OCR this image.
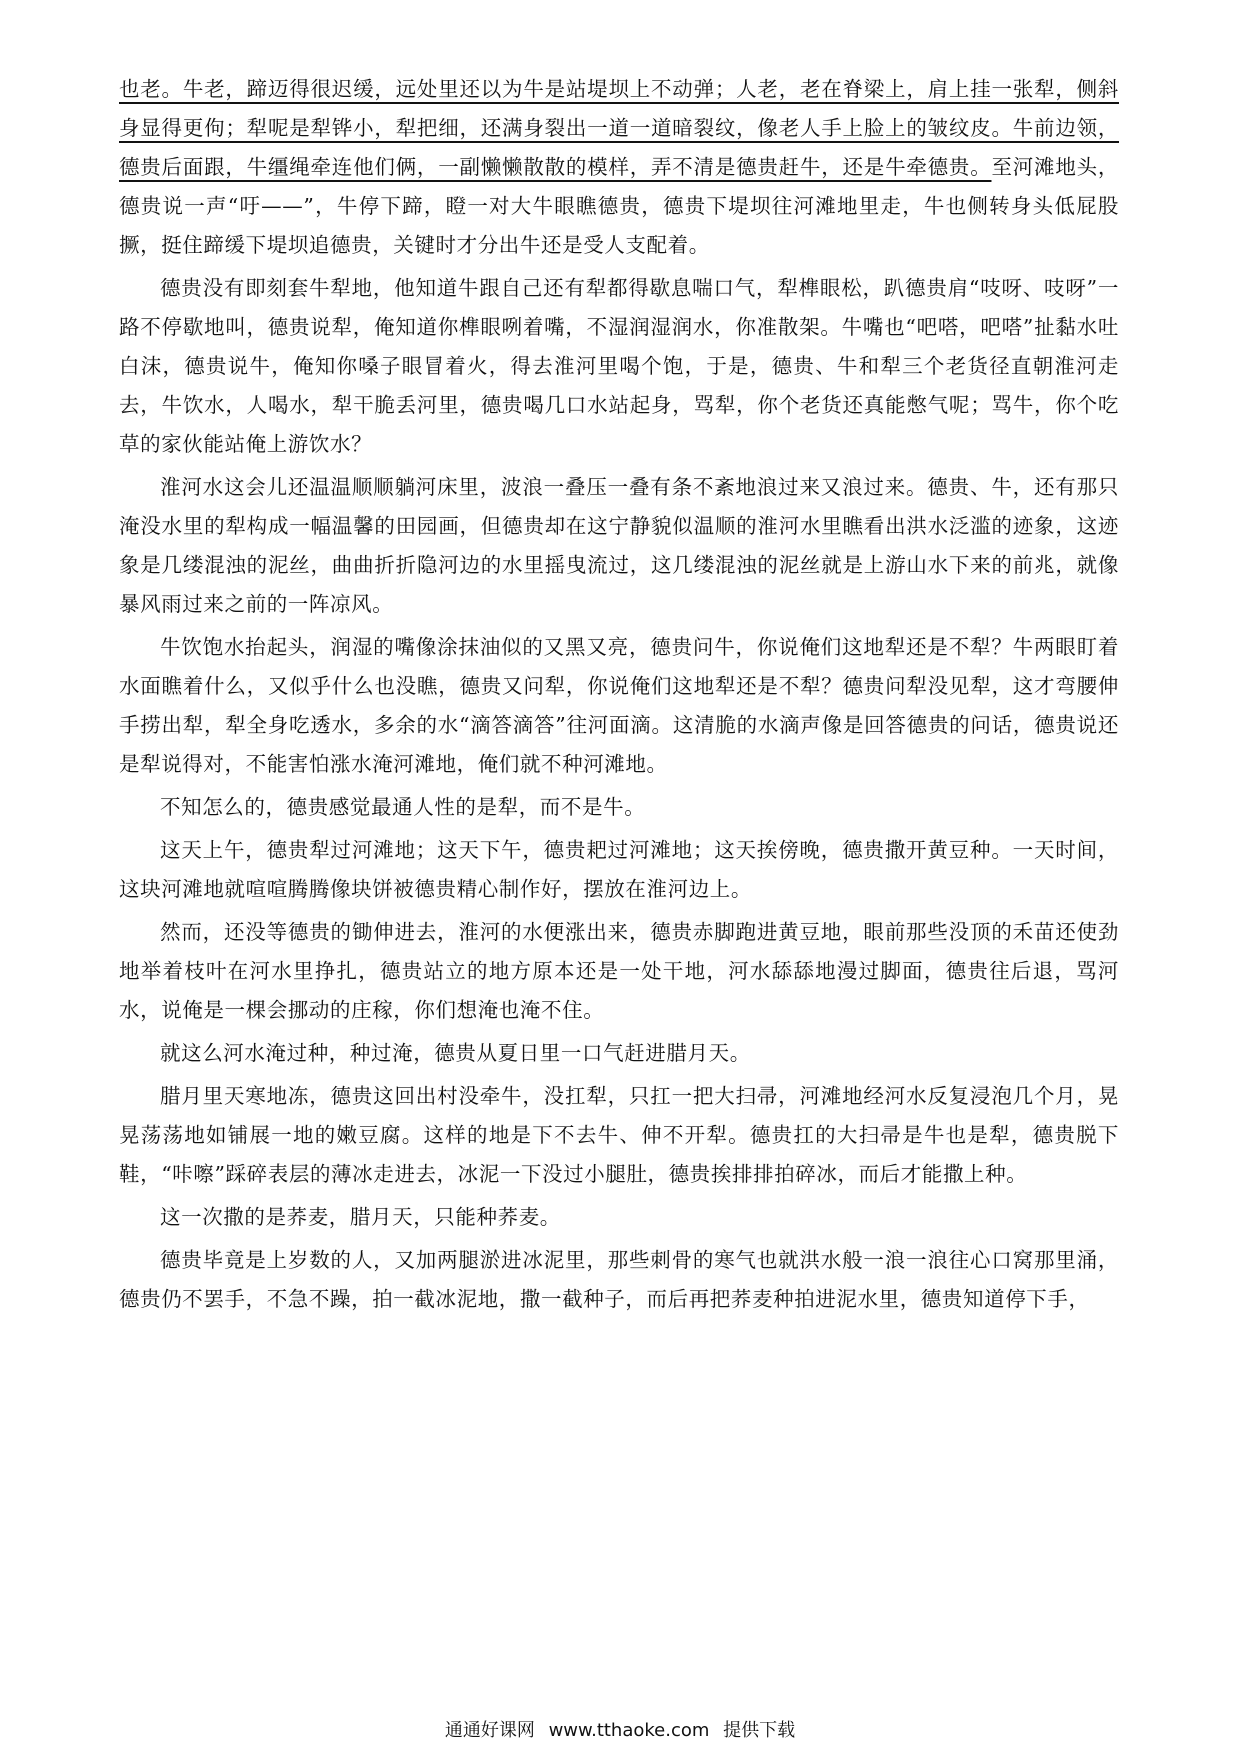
也老。牛老，蹄迈得很迟缓，远处里还以为牛是站堤坝上不动弹；人老，老在脊梁上，肩上挂一张犁，侧斜身显得更佝；犁呢是犁铧小，犁把细，还满身裂出一道一道暗裂纹，像老人手上脸上的皱纹皮。牛前边领，德贵后面跟，牛缰绳牵连他们俩，一副懒懒散散的模样，弄不清是德贵赶牛，还是牛牵德贵。至河滩地头，德贵说一声“吁——”，牛停下蹄，瞪一对大牛眼瞧德贵，德贵下堤坝往河滩地里走，牛也侧转身头低屁股撅，挺住蹄缓下堤坝追德贵，关键时才分出牛还是受人支配着。

德贵没有即刻套牛犁地，他知道牛跟自己还有犁都得歇息喘口气，犁榫眼松，趴德贵肩“吱呀、吱呀”一路不停歇地叫，德贵说犁，俺知道你榫眼咧着嘴，不湿润湿润水，你准散架。牛嘴也“吧嗒，吧嗒”扯黏水吐白沫，德贵说牛，俺知你嗓子眼冒着火，得去淮河里喝个饱，于是，德贵、牛和犁三个老货径直朝淮河走去，牛饮水，人喝水，犁干脆丢河里，德贵喝几口水站起身，骂犁，你个老货还真能憋气呢；骂牛，你个吃草的家伙能站俺上游饮水？

淮河水这会儿还温温顺顺躺河床里，波浪一叠压一叠有条不紊地浪过来又浪过来。德贵、牛，还有那只淹没水里的犁构成一幅温馨的田园画，但德贵却在这宁静貌似温顺的淮河水里瞧看出洪水泛滥的迹象，这迹象是几缕混浊的泥丝，曲曲折折隐河边的水里摇曳流过，这几缕混浊的泥丝就是上游山水下来的前兆，就像暴风雨过来之前的一阵凉风。

牛饮饱水抬起头，润湿的嘴像涂抹油似的又黑又亮，德贵问牛，你说俺们这地犁还是不犁？牛两眼盯着水面瞧着什么，又似乎什么也没瞧，德贵又问犁，你说俺们这地犁还是不犁？德贵问犁没见犁，这才弯腰伸手捞出犁，犁全身吃透水，多余的水“滴答滴答”往河面滴。这清脆的水滴声像是回答德贵的问话，德贵说还是犁说得对，不能害怕涨水淹河滩地，俺们就不种河滩地。

不知怎么的，德贵感觉最通人性的是犁，而不是牛。

这天上午，德贵犁过河滩地；这天下午，德贵耙过河滩地；这天挨傍晚，德贵撒开黄豆种。一天时间，这块河滩地就喧喧腾腾像块饼被德贵精心制作好，摆放在淮河边上。

然而，还没等德贵的锄伸进去，淮河的水便涨出来，德贵赤脚跑进黄豆地，眼前那些没顶的禾苗还使劲地举着枝叶在河水里挣扎，德贵站立的地方原本还是一处干地，河水舔舔地漫过脚面，德贵往后退，骂河水，说俺是一棵会挪动的庄稼，你们想淹也淹不住。

就这么河水淹过种，种过淹，德贵从夏日里一口气赶进腊月天。

腊月里天寒地冻，德贵这回出村没牵牛，没扛犁，只扛一把大扫帚，河滩地经河水反复浸泡几个月，晃晃荡荡地如铺展一地的嫩豆腐。这样的地是下不去牛、伸不开犁。德贵扛的大扫帚是牛也是犁，德贵脱下鞋，“咔嚓”踩碎表层的薄冰走进去，冰泥一下没过小腿肚，德贵挨排排拍碎冰，而后才能撒上种。

这一次撒的是荞麦，腊月天，只能种荞麦。

德贵毕竟是上岁数的人，又加两腿淤进冰泥里，那些刺骨的寒气也就洪水般一浪一浪往心口窝那里涌，德贵仍不罢手，不急不躁，拍一截冰泥地，撒一截种子，而后再把荞麦种拍进泥水里，德贵知道停下手，

通通好课网 www.tthaoke.com 提供下载
